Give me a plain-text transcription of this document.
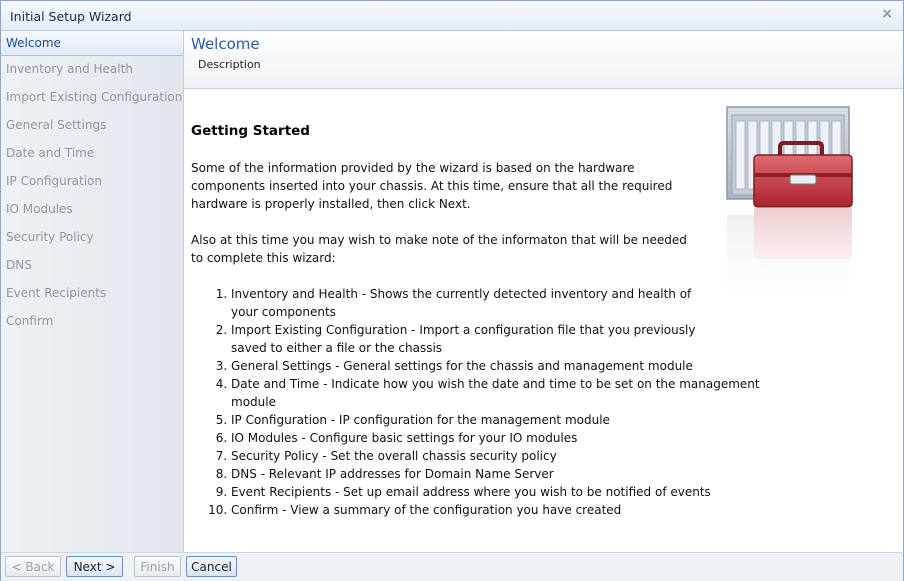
Initial Setup Wizard	×
Welcome
Inventory and Health
Import Existing Configuration
General Settings
Date and Time
IP Configuration
IO Modules
Security Policy
DNS
Event Recipients
Confirm
Welcome
Description
Getting Started
Some of the information provided by the wizard is based on the hardware components inserted into your chassis. At this time, ensure that all the required hardware is properly installed, then click Next.
Also at this time you may wish to make note of the informaton that will be needed to complete this wizard:
1. Inventory and Health - Shows the currently detected inventory and health of your components
2. Import Existing Configuration - Import a configuration file that you previously saved to either a file or the chassis
3. General Settings - General settings for the chassis and management module
4. Date and Time - Indicate how you wish the date and time to be set on the management module
5. IP Configuration - IP configuration for the management module
6. IO Modules - Configure basic settings for your IO modules
7. Security Policy - Set the overall chassis security policy
8. DNS - Relevant IP addresses for Domain Name Server
9. Event Recipients - Set up email address where you wish to be notified of events
10. Confirm - View a summary of the configuration you have created
< Back	Next >	Finish	Cancel
